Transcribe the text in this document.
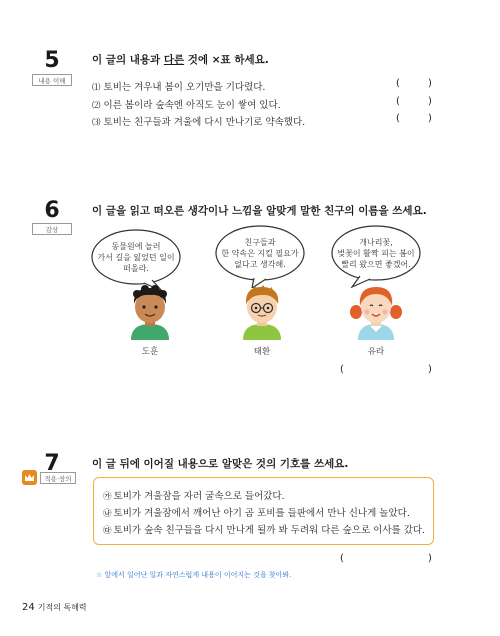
5
내용 이해
이 글의 내용과 다른 것에 ×표 하세요.
⑴ 토비는 겨우내 봄이 오기만을 기다렸다.	(	)
⑵ 이른 봄이라 숲속엔 아직도 눈이 쌓여 있다.	(	)
⑶ 토비는 친구들과 겨울에 다시 만나기로 약속했다.	(	)
6
감상
이 글을 읽고 떠오른 생각이나 느낌을 알맞게 말한 친구의 이름을 쓰세요.
동물원에 놀러
가서 길을 잃었던 일이
떠올라.
친구들과
한 약속은 지킬 필요가
없다고 생각해.
개나리꽃,
벚꽃이 활짝 피는 봄이
빨리 왔으면 좋겠어.
도훈	태환	유라
(	)
7
적용·창의
이 글 뒤에 이어질 내용으로 알맞은 것의 기호를 쓰세요.
㉮ 토비가 겨울잠을 자러 굴속으로 들어갔다.
㉯ 토비가 겨울잠에서 깨어난 아기 곰 포비를 들판에서 만나 신나게 놀았다.
㉰ 토비가 숲속 친구들을 다시 만나게 될까 봐 두려워 다른 숲으로 이사를 갔다.
(	)
☆ 앞에서 일어난 일과 자연스럽게 내용이 이어지는 것을 찾아봐.
24 기적의 독해력
